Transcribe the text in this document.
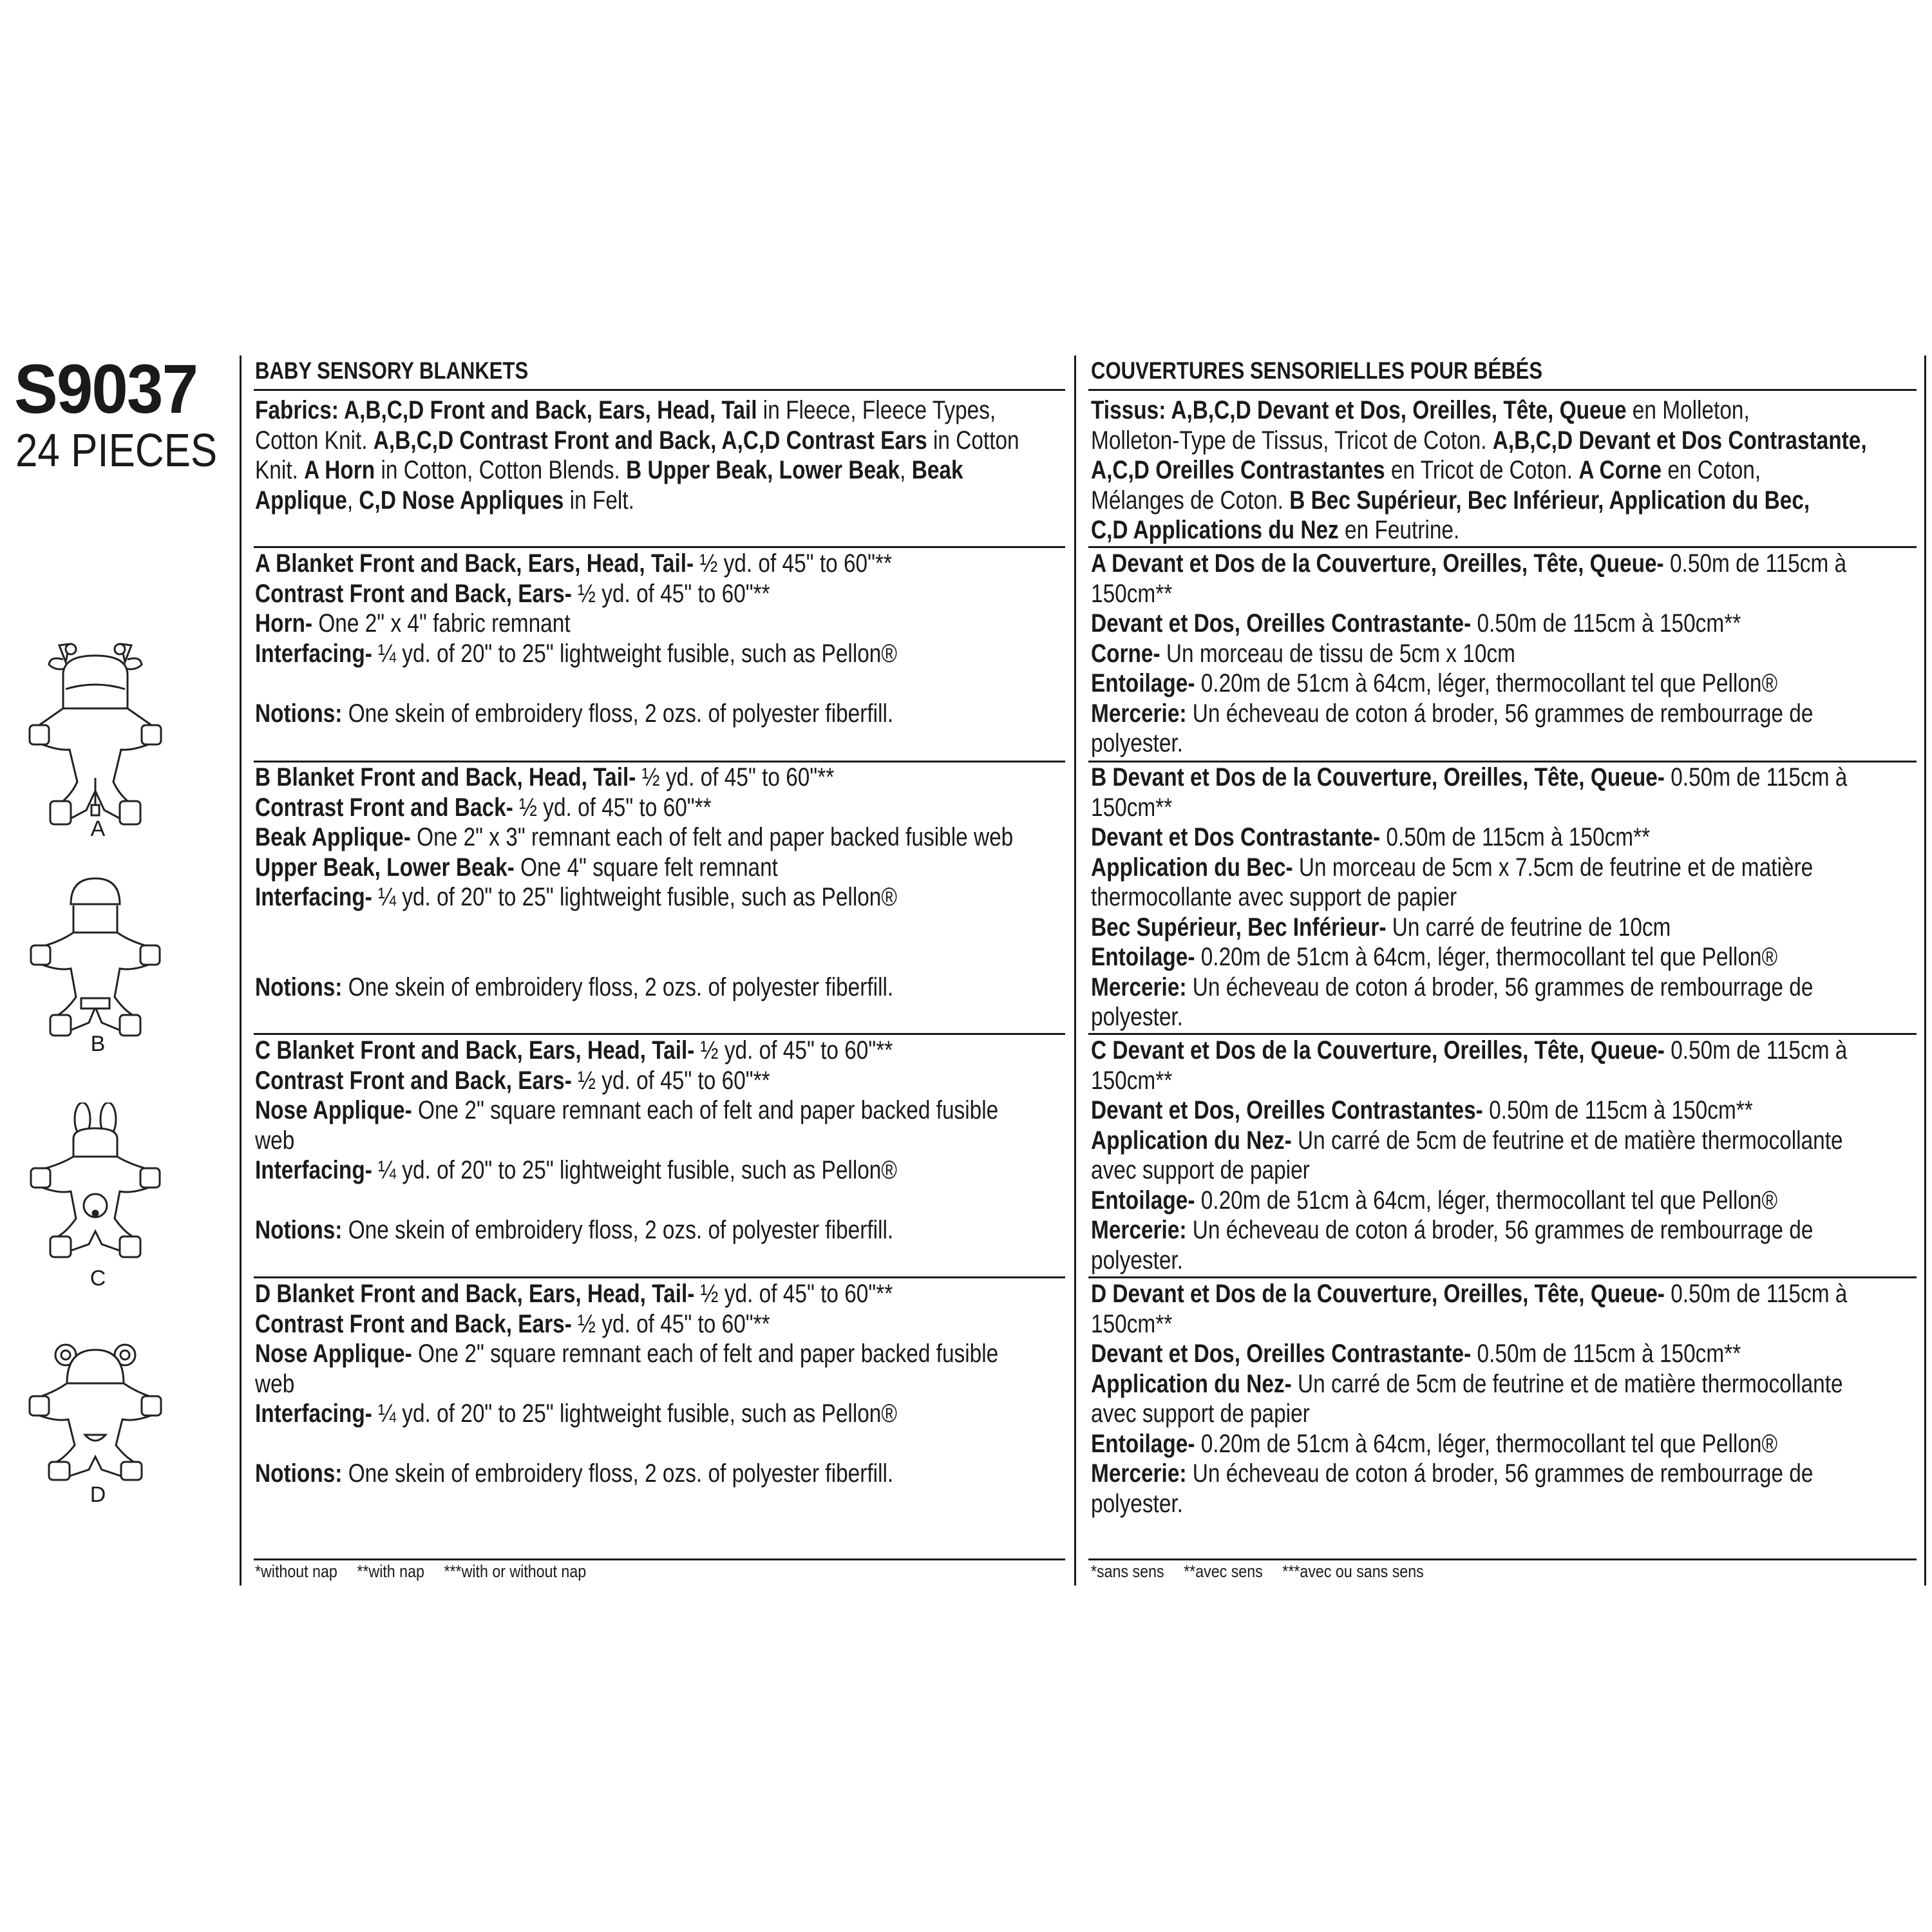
S9037
24 PIECES
A
B
C
D
BABY SENSORY BLANKETS	COUVERTURES SENSORIELLES POUR BÉBÉS
Fabrics: A,B,C,D Front and Back, Ears, Head, Tail in Fleece, Fleece Types,
Cotton Knit. A,B,C,D Contrast Front and Back, A,C,D Contrast Ears in Cotton
Knit. A Horn in Cotton, Cotton Blends. B Upper Beak, Lower Beak, Beak
Applique, C,D Nose Appliques in Felt.
A Blanket Front and Back, Ears, Head, Tail- ½ yd. of 45" to 60"**
Contrast Front and Back, Ears- ½ yd. of 45" to 60"**
Horn- One 2" x 4" fabric remnant
Interfacing- ¼ yd. of 20" to 25" lightweight fusible, such as Pellon®
Notions: One skein of embroidery floss, 2 ozs. of polyester fiberfill.
B Blanket Front and Back, Head, Tail- ½ yd. of 45" to 60"**
Contrast Front and Back- ½ yd. of 45" to 60"**
Beak Applique- One 2" x 3" remnant each of felt and paper backed fusible web
Upper Beak, Lower Beak- One 4" square felt remnant
Interfacing- ¼ yd. of 20" to 25" lightweight fusible, such as Pellon®
Notions: One skein of embroidery floss, 2 ozs. of polyester fiberfill.
C Blanket Front and Back, Ears, Head, Tail- ½ yd. of 45" to 60"**
Contrast Front and Back, Ears- ½ yd. of 45" to 60"**
Nose Applique- One 2" square remnant each of felt and paper backed fusible
web
Interfacing- ¼ yd. of 20" to 25" lightweight fusible, such as Pellon®
Notions: One skein of embroidery floss, 2 ozs. of polyester fiberfill.
D Blanket Front and Back, Ears, Head, Tail- ½ yd. of 45" to 60"**
Contrast Front and Back, Ears- ½ yd. of 45" to 60"**
Nose Applique- One 2" square remnant each of felt and paper backed fusible
web
Interfacing- ¼ yd. of 20" to 25" lightweight fusible, such as Pellon®
Notions: One skein of embroidery floss, 2 ozs. of polyester fiberfill.
Tissus: A,B,C,D Devant et Dos, Oreilles, Tête, Queue en Molleton,
Molleton-Type de Tissus, Tricot de Coton. A,B,C,D Devant et Dos Contrastante,
A,C,D Oreilles Contrastantes en Tricot de Coton. A Corne en Coton,
Mélanges de Coton. B Bec Supérieur, Bec Inférieur, Application du Bec,
C,D Applications du Nez en Feutrine.
A Devant et Dos de la Couverture, Oreilles, Tête, Queue- 0.50m de 115cm à
150cm**
Devant et Dos, Oreilles Contrastante- 0.50m de 115cm à 150cm**
Corne- Un morceau de tissu de 5cm x 10cm
Entoilage- 0.20m de 51cm à 64cm, léger, thermocollant tel que Pellon®
Mercerie: Un écheveau de coton á broder, 56 grammes de rembourrage de
polyester.
B Devant et Dos de la Couverture, Oreilles, Tête, Queue- 0.50m de 115cm à
150cm**
Devant et Dos Contrastante- 0.50m de 115cm à 150cm**
Application du Bec- Un morceau de 5cm x 7.5cm de feutrine et de matière
thermocollante avec support de papier
Bec Supérieur, Bec Inférieur- Un carré de feutrine de 10cm
Entoilage- 0.20m de 51cm à 64cm, léger, thermocollant tel que Pellon®
Mercerie: Un écheveau de coton á broder, 56 grammes de rembourrage de
polyester.
C Devant et Dos de la Couverture, Oreilles, Tête, Queue- 0.50m de 115cm à
150cm**
Devant et Dos, Oreilles Contrastantes- 0.50m de 115cm à 150cm**
Application du Nez- Un carré de 5cm de feutrine et de matière thermocollante
avec support de papier
Entoilage- 0.20m de 51cm à 64cm, léger, thermocollant tel que Pellon®
Mercerie: Un écheveau de coton á broder, 56 grammes de rembourrage de
polyester.
D Devant et Dos de la Couverture, Oreilles, Tête, Queue- 0.50m de 115cm à
150cm**
Devant et Dos, Oreilles Contrastante- 0.50m de 115cm à 150cm**
Application du Nez- Un carré de 5cm de feutrine et de matière thermocollante
avec support de papier
Entoilage- 0.20m de 51cm à 64cm, léger, thermocollant tel que Pellon®
Mercerie: Un écheveau de coton á broder, 56 grammes de rembourrage de
polyester.
*without nap **with nap ***with or without nap	*sans sens **avec sens ***avec ou sans sens
